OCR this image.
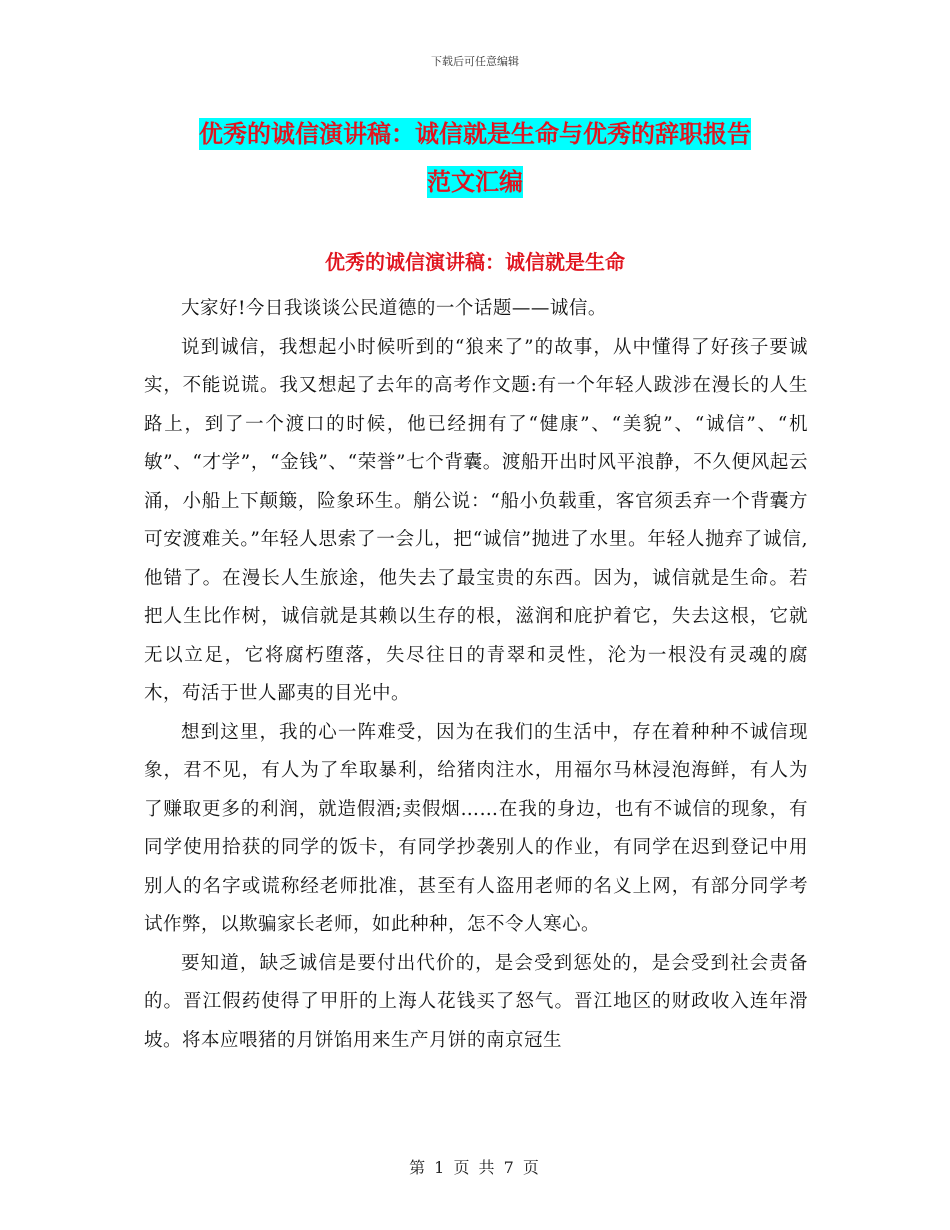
下载后可任意编辑
优秀的诚信演讲稿：诚信就是生命与优秀的辞职报告
范文汇编
优秀的诚信演讲稿：诚信就是生命

大家好!今日我谈谈公民道德的一个话题——诚信。

说到诚信，我想起小时候听到的“狼来了”的故事，从中懂得了好孩子要诚实，不能说谎。我又想起了去年的高考作文题:有一个年轻人跋涉在漫长的人生路上，到了一个渡口的时候，他已经拥有了“健康”、“美貌”、“诚信”、“机敏”、“才学”，“金钱”、“荣誉”七个背囊。渡船开出时风平浪静，不久便风起云涌，小船上下颠簸，险象环生。艄公说：“船小负载重，客官须丢弃一个背囊方可安渡难关。”年轻人思索了一会儿，把“诚信”抛进了水里。年轻人抛弃了诚信,他错了。在漫长人生旅途，他失去了最宝贵的东西。因为，诚信就是生命。若把人生比作树，诚信就是其赖以生存的根，滋润和庇护着它，失去这根，它就无以立足，它将腐朽堕落，失尽往日的青翠和灵性，沦为一根没有灵魂的腐木，苟活于世人鄙夷的目光中。

想到这里，我的心一阵难受，因为在我们的生活中，存在着种种不诚信现象，君不见，有人为了牟取暴利，给猪肉注水，用福尔马林浸泡海鲜，有人为了赚取更多的利润，就造假酒;卖假烟……在我的身边，也有不诚信的现象，有同学使用拾获的同学的饭卡，有同学抄袭别人的作业，有同学在迟到登记中用别人的名字或谎称经老师批准，甚至有人盗用老师的名义上网，有部分同学考试作弊，以欺骗家长老师，如此种种，怎不令人寒心。

要知道，缺乏诚信是要付出代价的，是会受到惩处的，是会受到社会责备的。晋江假药使得了甲肝的上海人花钱买了怒气。晋江地区的财政收入连年滑坡。将本应喂猪的月饼馅用来生产月饼的南京冠生

第 1 页 共 7 页
